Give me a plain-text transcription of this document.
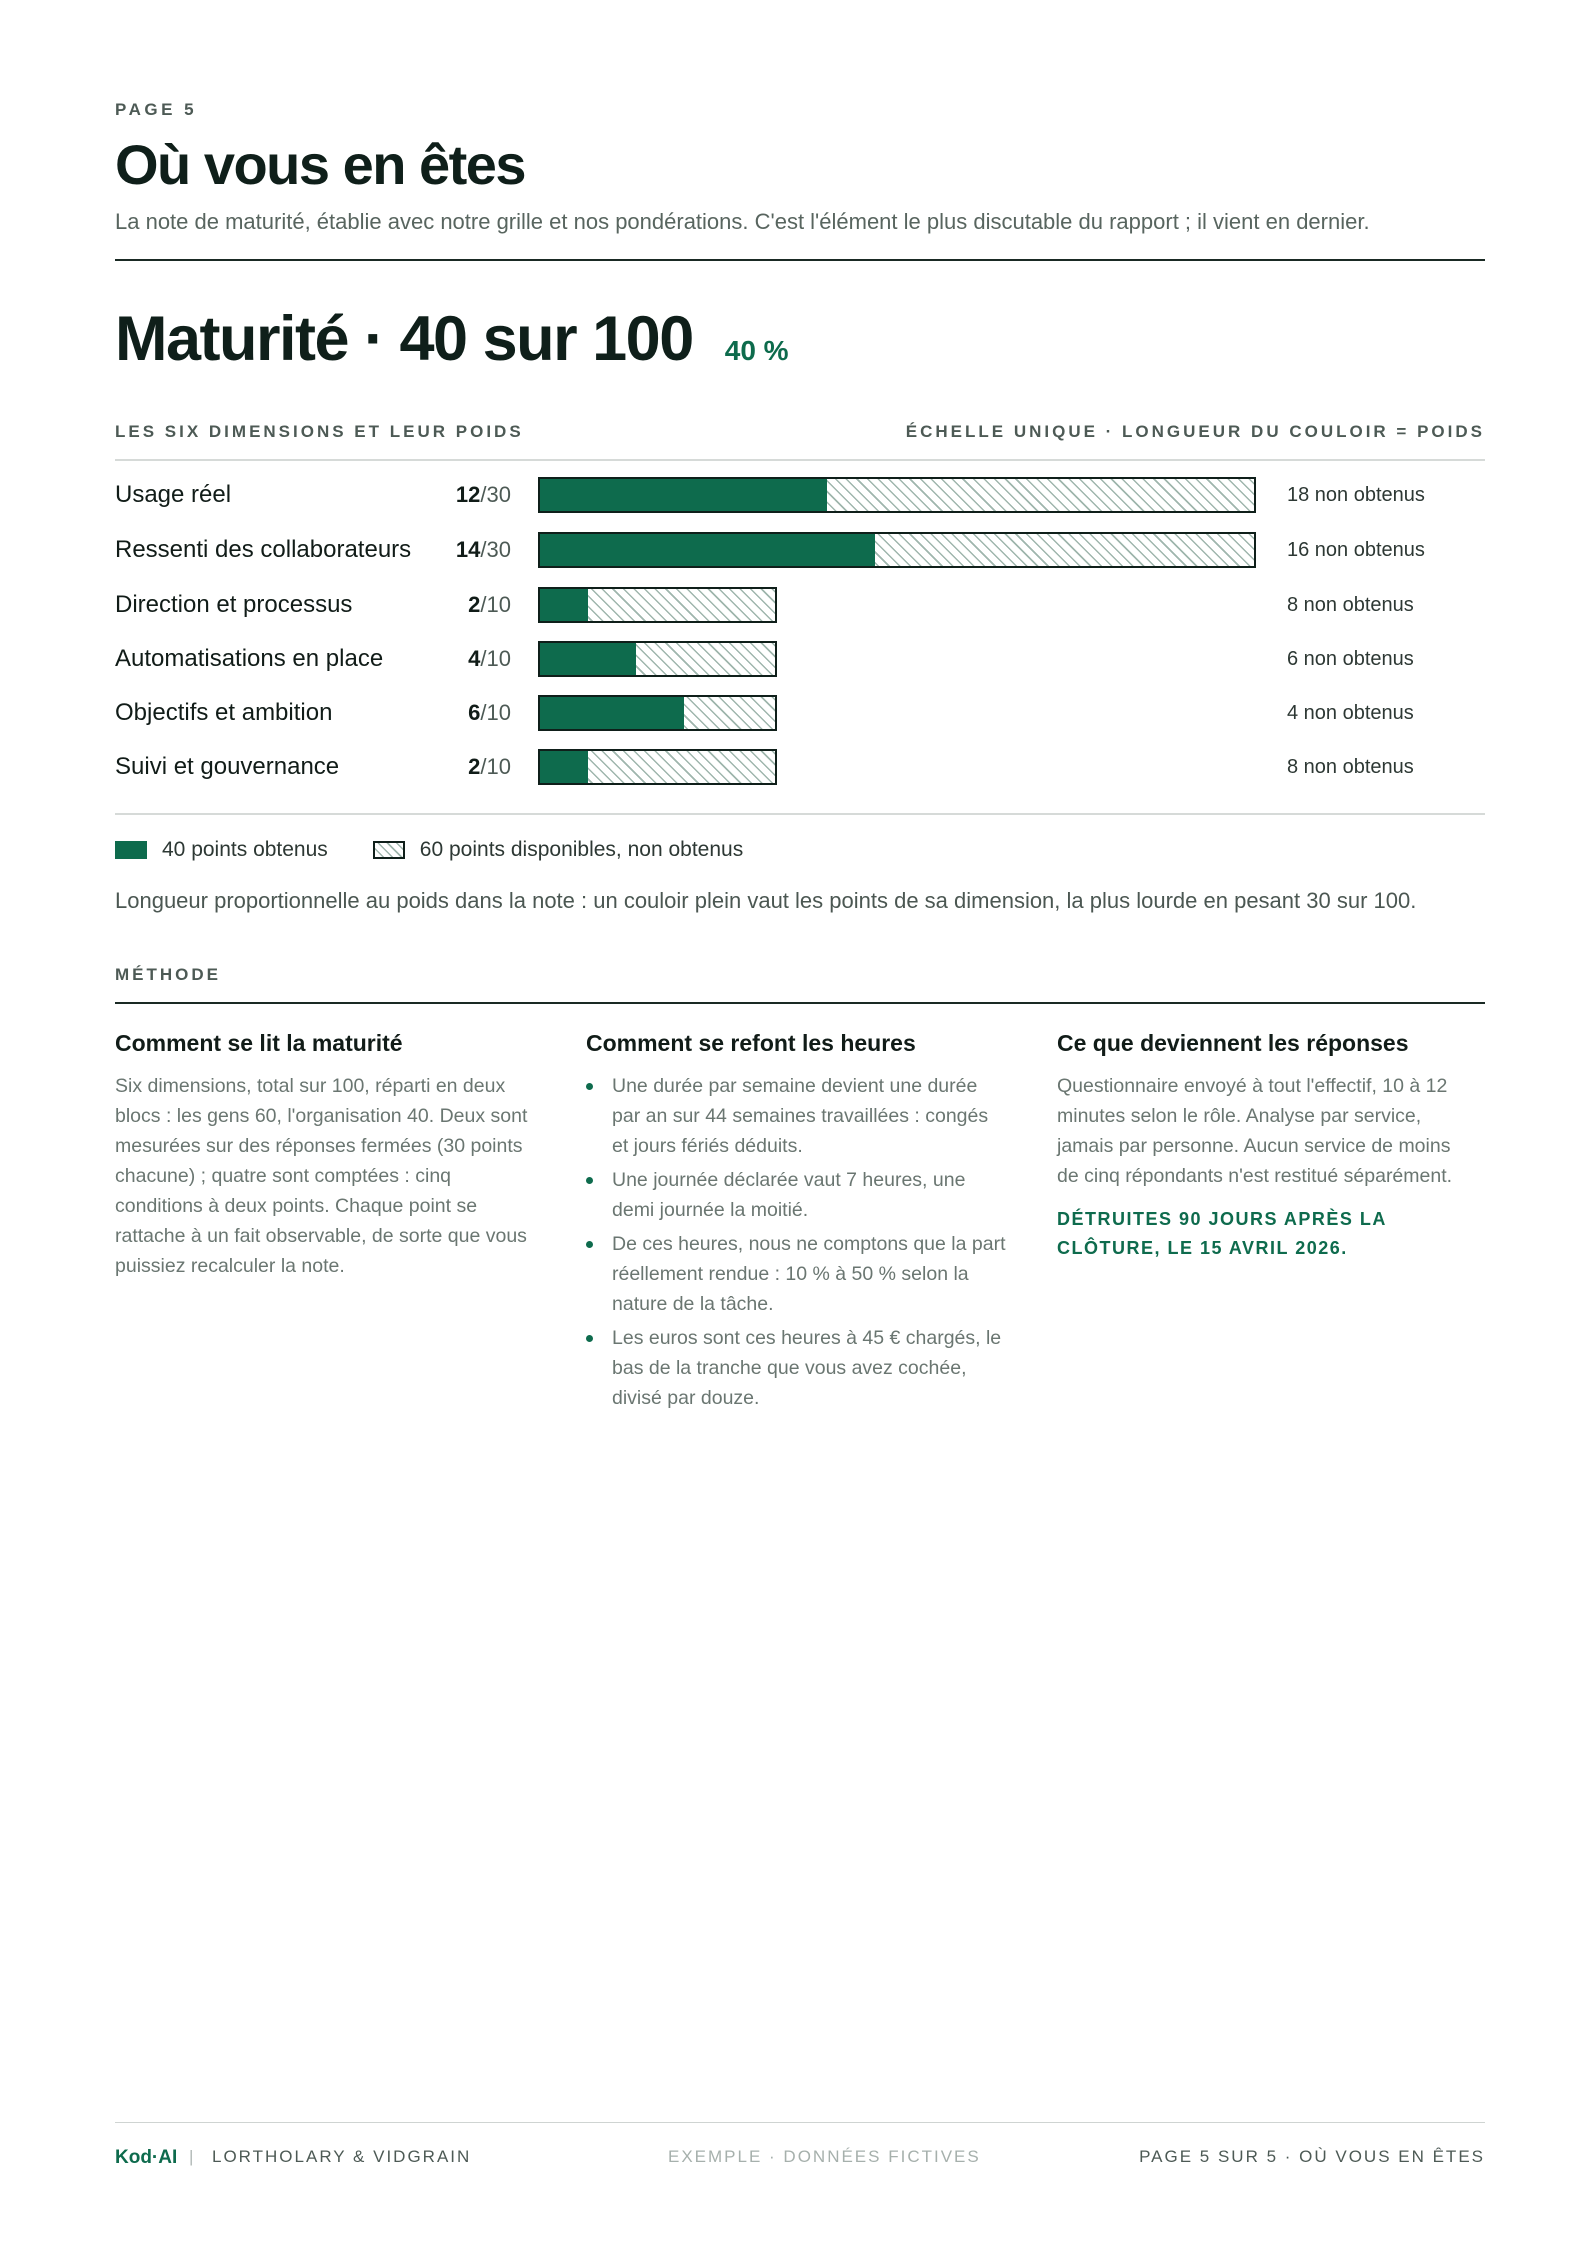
PAGE 5
Où vous en êtes
La note de maturité, établie avec notre grille et nos pondérations. C'est l'élément le plus discutable du rapport ; il vient en dernier.
Maturité · 40 sur 100 40 %
LES SIX DIMENSIONS ET LEUR POIDS	ÉCHELLE UNIQUE · LONGUEUR DU COULOIR = POIDS
Usage réel	12/30	18 non obtenus
Ressenti des collaborateurs 14/30	16 non obtenus
Direction et processus	2/10	8 non obtenus
Automatisations en place	4/10	6 non obtenus
Objectifs et ambition	6/10	4 non obtenus
Suivi et gouvernance	2/10	8 non obtenus
40 points obtenus	60 points disponibles, non obtenus
Longueur proportionnelle au poids dans la note : un couloir plein vaut les points de sa dimension, la plus lourde en pesant 30 sur 100.
MÉTHODE
Comment se lit la maturité

Six dimensions, total sur 100, réparti en deux blocs : les gens 60, l'organisation 40. Deux sont mesurées sur des réponses fermées (30 points chacune) ; quatre sont comptées : cinq conditions à deux points. Chaque point se rattache à un fait observable, de sorte que vous puissiez recalculer la note.

Comment se refont les heures
Une durée par semaine devient une durée par an sur 44 semaines travaillées : congés et jours fériés déduits.
Une journée déclarée vaut 7 heures, une demi journée la moitié.
De ces heures, nous ne comptons que la part réellement rendue : 10 % à 50 % selon la nature de la tâche.
Les euros sont ces heures à 45 € chargés, le bas de la tranche que vous avez cochée, divisé par douze.
Ce que deviennent les réponses

Questionnaire envoyé à tout l'effectif, 10 à 12 minutes selon le rôle. Analyse par service, jamais par personne. Aucun service de moins de cinq répondants n'est restitué séparément.

DÉTRUITES 90 JOURS APRÈS LA CLÔTURE, LE 15 AVRIL 2026.
Kod·AI | LORTHOLARY & VIDGRAIN	EXEMPLE · DONNÉES FICTIVES	PAGE 5 SUR 5 · OÙ VOUS EN ÊTES
